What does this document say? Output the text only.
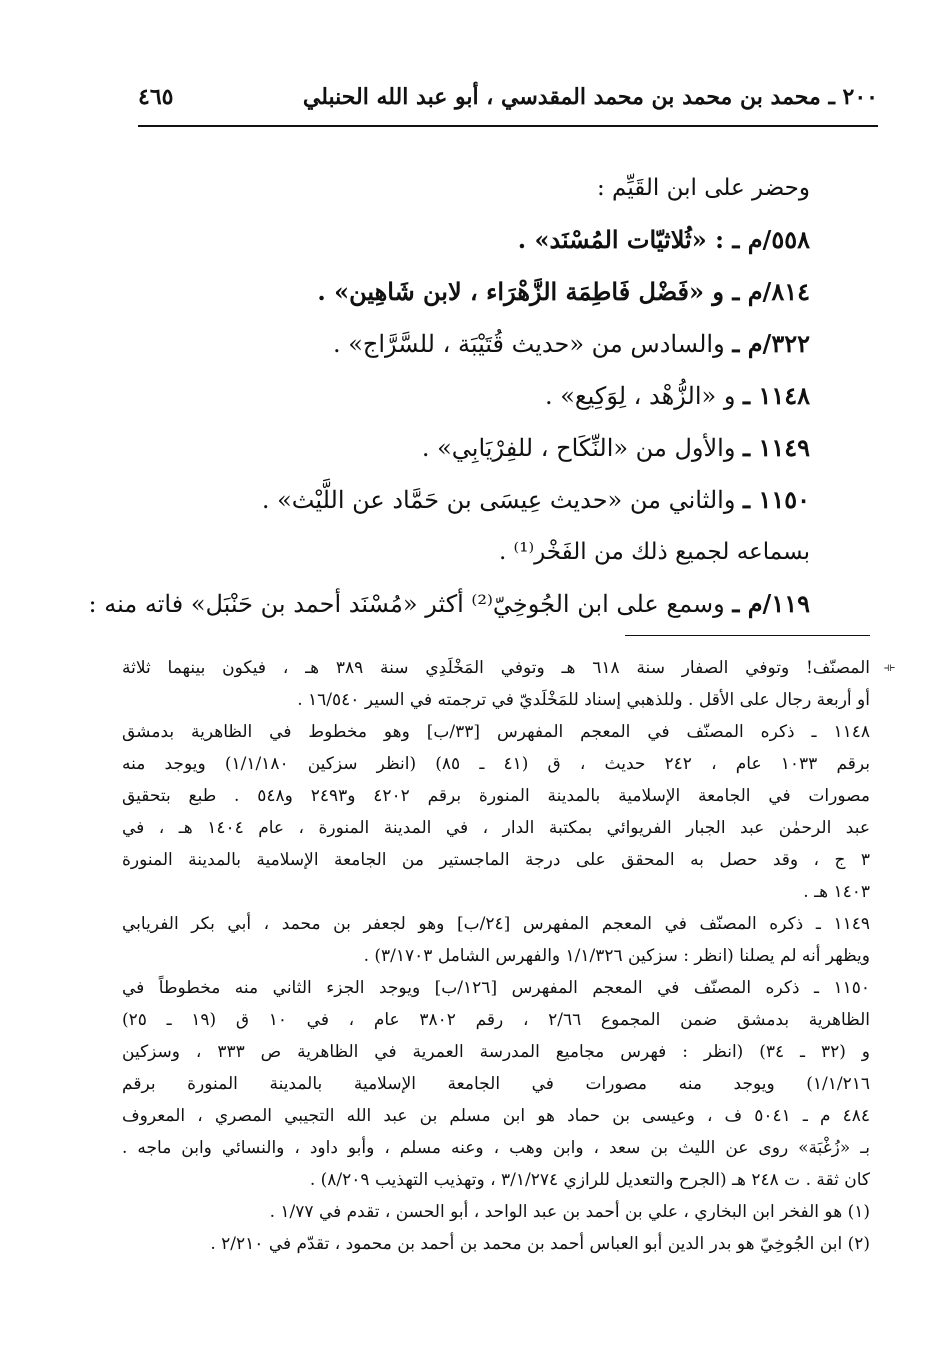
٢٠٠ ـ محمد بن محمد بن محمد المقدسي ، أبو عبد الله الحنبلي
٤٦٥
وحضر على ابن القَيِّم :
٥٥٨/م ـ : «ثُلاثيّات المُسْنَد» .
٨١٤/م ـ و «فَضْل فَاطِمَة الزَّهْرَاء ، لابن شَاهِين» .
٣٢٢/م ـ والسادس من «حديث قُتَيْبَة ، للسَّرَّاج» .
١١٤٨ ـ و «الزُّهْد ، لِوَكِيع» .
١١٤٩ ـ والأول من «النِّكَاح ، للفِرْيَابِي» .
١١٥٠ ـ والثاني من «حديث عِيسَى بن حَمَّاد عن اللَّيْث» .
بسماعه لجميع ذلك من الفَخْر⁽¹⁾ .
١١٩/م ـ وسمع على ابن الجُوخِيّ⁽²⁾ أكثر «مُسْنَد أحمد بن حَنْبَل» فاته منه :
⟛
المصنّف! وتوفي الصفار سنة ٦١٨ هـ وتوفي المَخْلَدِي سنة ٣٨٩ هـ ، فيكون بينهما ثلاثة
أو أربعة رجال على الأقل . وللذهبي إسناد للمَخْلَديّ في ترجمته في السير ١٦/٥٤٠ .
١١٤٨ ـ ذكره المصنّف في المعجم المفهرس [٣٣/ب] وهو مخطوط في الظاهرية بدمشق
برقم ١٠٣٣ عام ، ٢٤٢ حديث ، ق (٤١ ـ ٨٥) (انظر سزكين ١/١/١٨٠) ويوجد منه
مصورات في الجامعة الإسلامية بالمدينة المنورة برقم ٤٢٠٢ و٢٤٩٣ و٥٤٨ . طبع بتحقيق
عبد الرحمٰن عبد الجبار الفريوائي بمكتبة الدار ، في المدينة المنورة ، عام ١٤٠٤ هـ ، في
٣ ج ، وقد حصل به المحقق على درجة الماجستير من الجامعة الإسلامية بالمدينة المنورة
١٤٠٣ هـ .
١١٤٩ ـ ذكره المصنّف في المعجم المفهرس [٢٤/ب] وهو لجعفر بن محمد ، أبي بكر الفريابي
ويظهر أنه لم يصلنا (انظر : سزكين ١/١/٣٢٦ والفهرس الشامل ٣/١٧٠٣) .
١١٥٠ ـ ذكره المصنّف في المعجم المفهرس [١٢٦/ب] ويوجد الجزء الثاني منه مخطوطاً في
الظاهرية بدمشق ضمن المجموع ٢/٦٦ ، رقم ٣٨٠٢ عام ، في ١٠ ق (١٩ ـ ٢٥)
و (٣٢ ـ ٣٤) (انظر : فهرس مجاميع المدرسة العمرية في الظاهرية ص ٣٣٣ ، وسزكين
١/١/٢١٦) ويوجد منه مصورات في الجامعة الإسلامية بالمدينة المنورة برقم
٤٨٤ م ـ ٥٠٤١ ف ، وعيسى بن حماد هو ابن مسلم بن عبد الله التجيبي المصري ، المعروف
بـ «زُغْبَة» روى عن الليث بن سعد ، وابن وهب ، وعنه مسلم ، وأبو داود ، والنسائي وابن ماجه .
كان ثقة . ت ٢٤٨ هـ (الجرح والتعديل للرازي ٣/١/٢٧٤ ، وتهذيب التهذيب ٨/٢٠٩) .
(١) هو الفخر ابن البخاري ، علي بن أحمد بن عبد الواحد ، أبو الحسن ، تقدم في ١/٧٧ .
(٢) ابن الجُوخِيّ هو بدر الدين أبو العباس أحمد بن محمد بن أحمد بن محمود ، تقدّم في ٢/٢١٠ .
